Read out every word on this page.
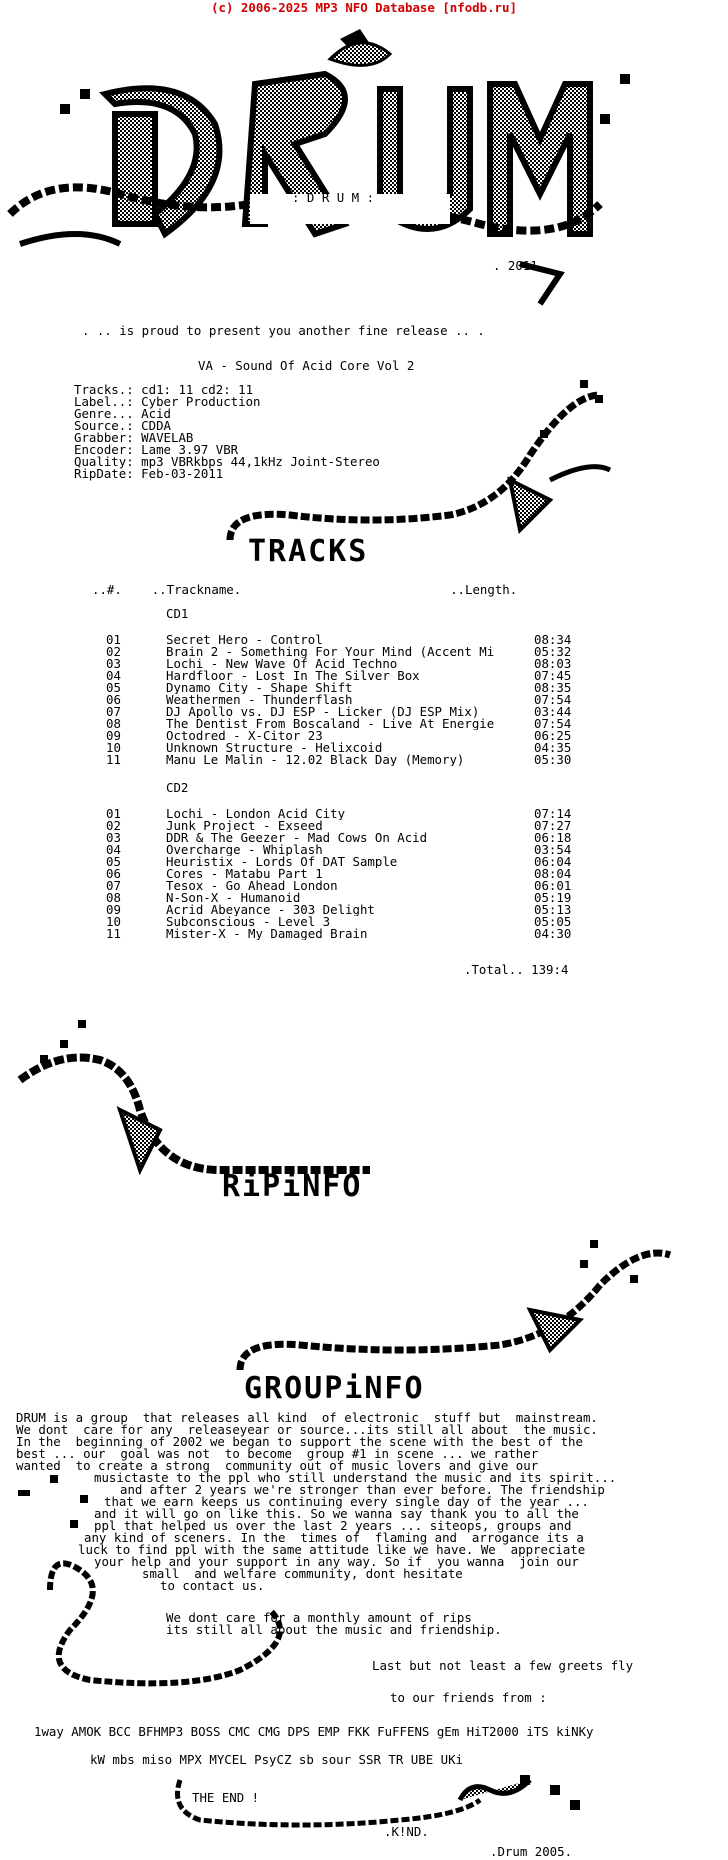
(c) 2006-2025 MP3 NFO Database [nfodb.ru]
: D R U M :
. 2011 .
. .. is proud to present you another fine release .. .
VA - Sound Of Acid Core Vol 2
Tracks.: cd1: 11 cd2: 11
Label..: Cyber Production
Genre... Acid
Source.: CDDA
Grabber: WAVELAB
Encoder: Lame 3.97 VBR
Quality: mp3 VBRkbps 44,1kHz Joint-Stereo
RipDate: Feb-03-2011
TRACKS
..#. ..Trackname.	..Length.
CD1
01	Secret Hero - Control	08:34
02	Brain 2 - Something For Your Mind (Accent Mi	05:32
03	Lochi - New Wave Of Acid Techno	08:03
04	Hardfloor - Lost In The Silver Box	07:45
05	Dynamo City - Shape Shift	08:35
06	Weathermen - Thunderflash	07:54
07	DJ Apollo vs. DJ ESP - Licker (DJ ESP Mix)	03:44
08	The Dentist From Boscaland - Live At Energie	07:54
09	Octodred - X-Citor 23	06:25
10	Unknown Structure - Helixcoid	04:35
11	Manu Le Malin - 12.02 Black Day (Memory)	05:30
CD2
01	Lochi - London Acid City	07:14
02	Junk Project - Exseed	07:27
03	DDR & The Geezer - Mad Cows On Acid	06:18
04	Overcharge - Whiplash	03:54
05	Heuristix - Lords Of DAT Sample	06:04
06	Cores - Matabu Part 1	08:04
07	Tesox - Go Ahead London	06:01
08	N-Son-X - Humanoid	05:19
09	Acrid Abeyance - 303 Delight	05:13
10	Subconscious - Level 3	05:05
11	Mister-X - My Damaged Brain	04:30
.Total.. 139:4
RiPiNFO
GROUPiNFO
DRUM is a group  that releases all kind  of electronic  stuff but  mainstream.
We dont  care for any  releaseyear or source...its still all about  the music.
In the  beginning of 2002 we began to support the scene with the best of the
best ... our  goal was not  to become  group #1 in scene ... we rather
wanted  to create a strong  community out of music lovers and give our
musictaste to the ppl who still understand the music and its spirit...
and after 2 years we're stronger than ever before. The friendship
that we earn keeps us continuing every single day of the year ...
and it will go on like this. So we wanna say thank you to all the
ppl that helped us over the last 2 years ... siteops, groups and
any kind of sceners. In the  times of  flaming and  arrogance its a
luck to find ppl with the same attitude like we have. We  appreciate
your help and your support in any way. So if  you wanna  join our
small  and welfare community, dont hesitate
to contact us.
We dont care for a monthly amount of rips
its still all about the music and friendship.
Last but not least a few greets fly
to our friends from :
1way AMOK BCC BFHMP3 BOSS CMC CMG DPS EMP FKK FuFFENS gEm HiT2000 iTS kiNKy
kW mbs miso MPX MYCEL PsyCZ sb sour SSR TR UBE UKi
THE END !
.K!ND.
.Drum 2005.
